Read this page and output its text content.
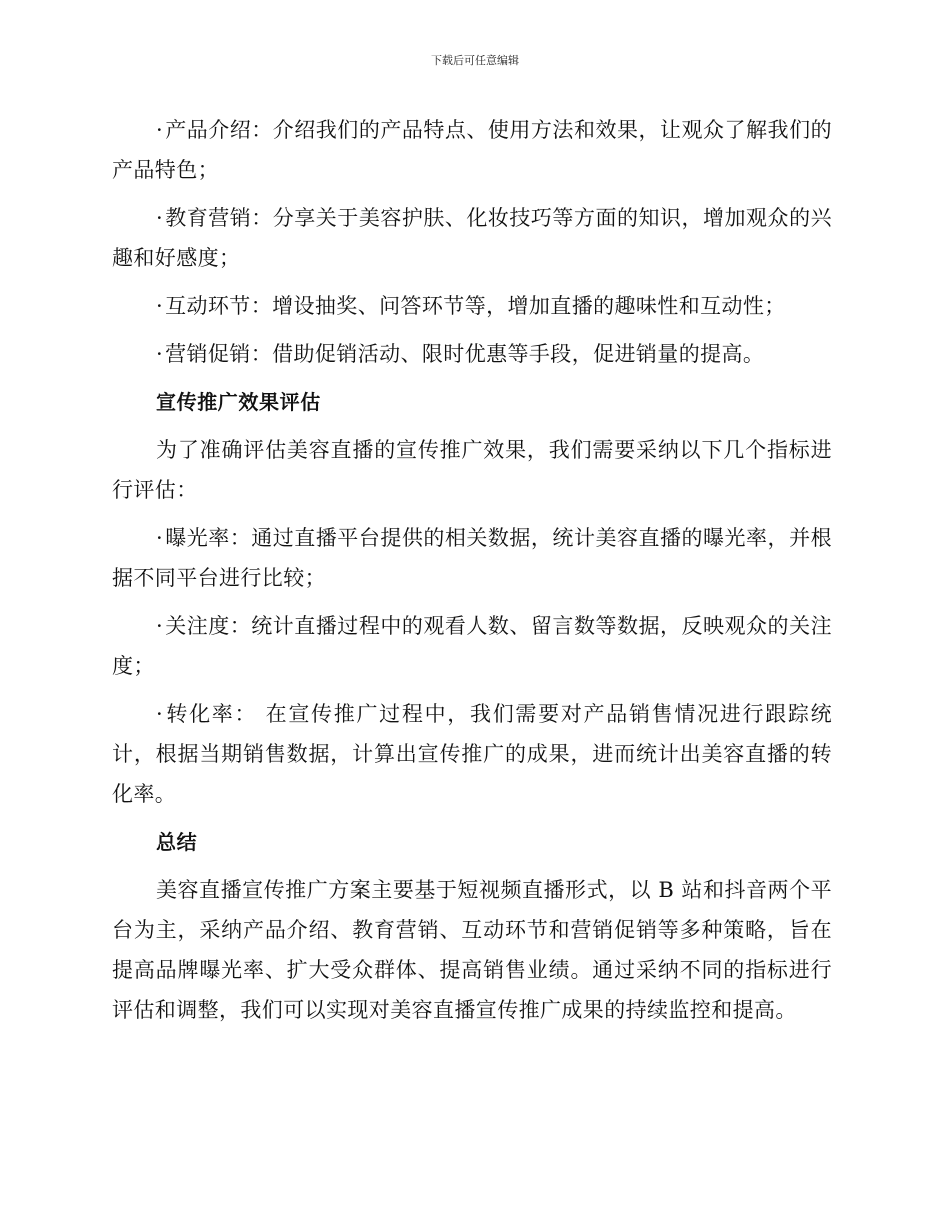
下载后可任意编辑

·产品介绍：介绍我们的产品特点、使用方法和效果，让观众了解我们的产品特色；

·教育营销：分享关于美容护肤、化妆技巧等方面的知识，增加观众的兴趣和好感度；

·互动环节：增设抽奖、问答环节等，增加直播的趣味性和互动性；

·营销促销：借助促销活动、限时优惠等手段，促进销量的提高。

宣传推广效果评估

为了准确评估美容直播的宣传推广效果，我们需要采纳以下几个指标进行评估：

·曝光率：通过直播平台提供的相关数据，统计美容直播的曝光率，并根据不同平台进行比较；

·关注度：统计直播过程中的观看人数、留言数等数据，反映观众的关注度；

·转化率： 在宣传推广过程中，我们需要对产品销售情况进行跟踪统计，根据当期销售数据，计算出宣传推广的成果，进而统计出美容直播的转化率。

总结

美容直播宣传推广方案主要基于短视频直播形式，以 B 站和抖音两个平台为主，采纳产品介绍、教育营销、互动环节和营销促销等多种策略，旨在提高品牌曝光率、扩大受众群体、提高销售业绩。通过采纳不同的指标进行评估和调整，我们可以实现对美容直播宣传推广成果的持续监控和提高。
